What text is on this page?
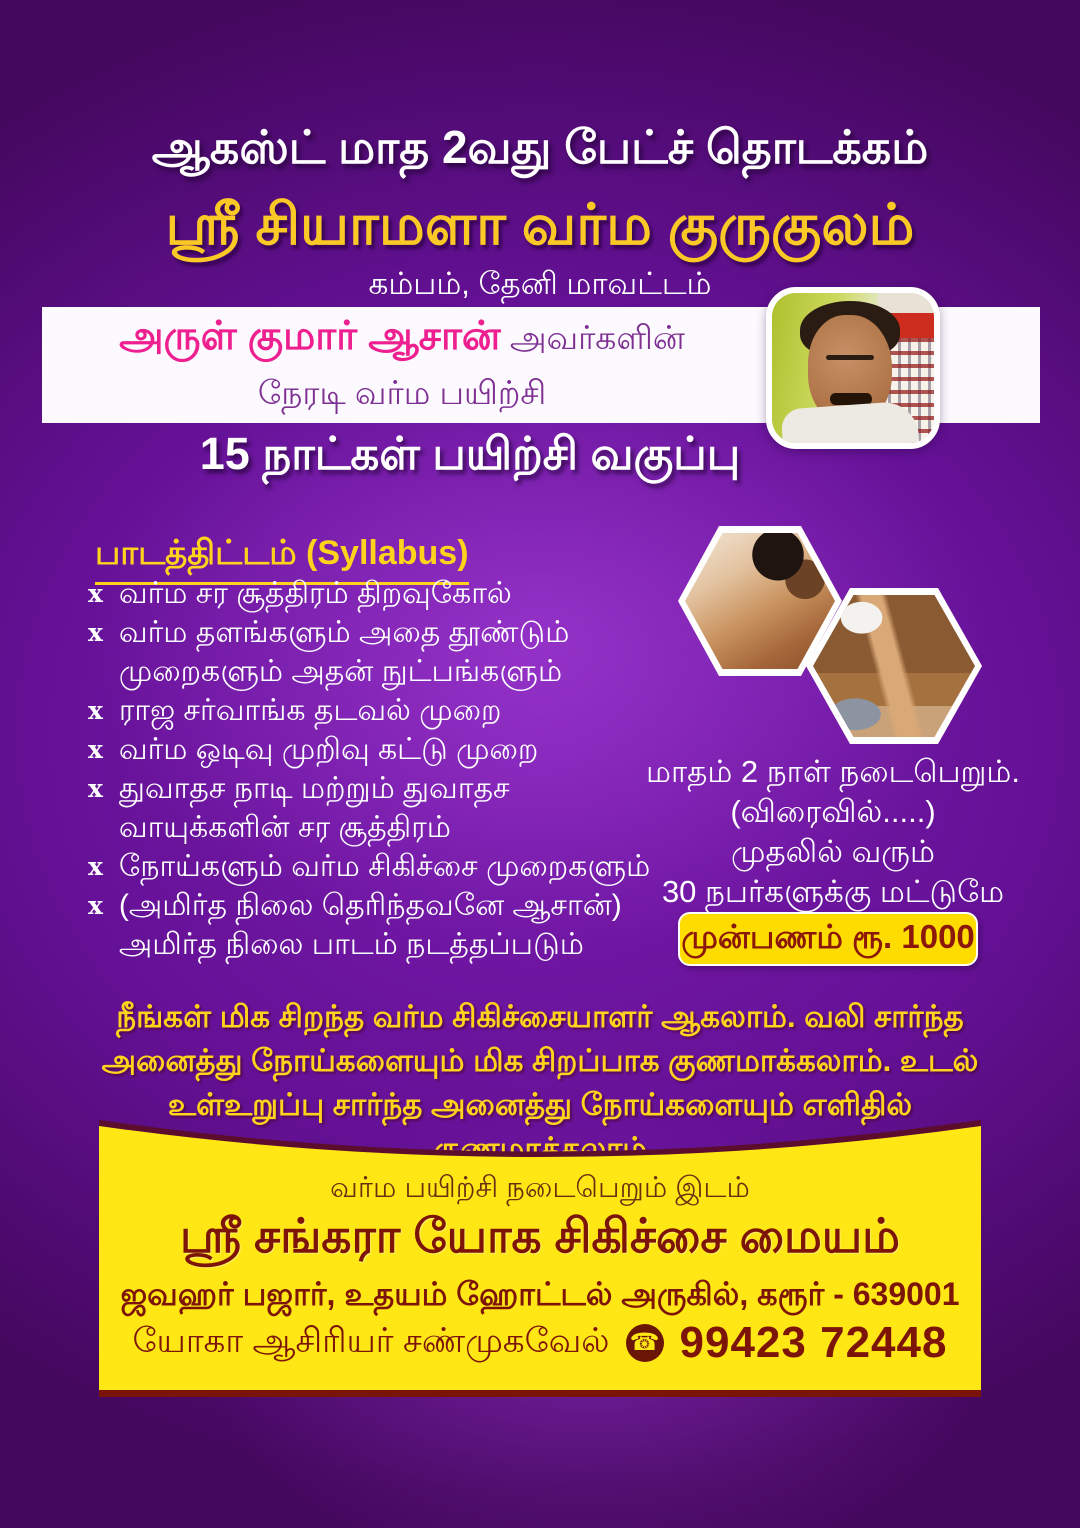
ஆகஸ்ட் மாத 2வது பேட்ச் தொடக்கம்
ஸ்ரீ சியாமளா வர்ம குருகுலம்
கம்பம், தேனி மாவட்டம்
அருள் குமார் ஆசான் அவர்களின்
நேரடி வர்ம பயிற்சி
15 நாட்கள் பயிற்சி வகுப்பு
பாடத்திட்டம் (Syllabus)
x வர்ம சர சூத்திரம் திறவுகோல்
x வர்ம தளங்களும் அதை தூண்டும் முறைகளும் அதன் நுட்பங்களும்
x ராஜ சர்வாங்க தடவல் முறை
x வர்ம ஒடிவு முறிவு கட்டு முறை
x துவாதச நாடி மற்றும் துவாதச வாயுக்களின் சர சூத்திரம்
x நோய்களும் வர்ம சிகிச்சை முறைகளும்
x (அமிர்த நிலை தெரிந்தவனே ஆசான்) அமிர்த நிலை பாடம் நடத்தப்படும்
மாதம் 2 நாள் நடைபெறும்.
(விரைவில்.....)
முதலில் வரும்
30 நபர்களுக்கு மட்டுமே
முன்பணம் ரூ. 1000
நீங்கள் மிக சிறந்த வர்ம சிகிச்சையாளர் ஆகலாம். வலி சார்ந்த அனைத்து நோய்களையும் மிக சிறப்பாக குணமாக்கலாம். உடல் உள்உறுப்பு சார்ந்த அனைத்து நோய்களையும் எளிதில் குணமாக்கலாம்
வர்ம பயிற்சி நடைபெறும் இடம்
ஸ்ரீ சங்கரா யோக சிகிச்சை மையம்
ஜவஹர் பஜார், உதயம் ஹோட்டல் அருகில், கரூர் - 639001
யோகா ஆசிரியர் சண்முகவேல் ☎ 99423 72448
